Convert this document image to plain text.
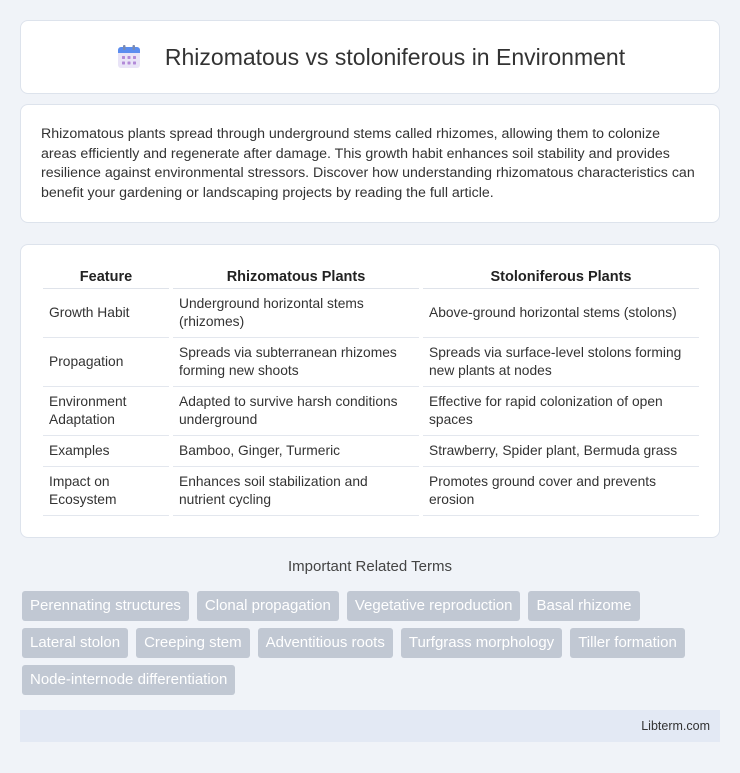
Rhizomatous vs stoloniferous in Environment

Rhizomatous plants spread through underground stems called rhizomes, allowing them to colonize areas efficiently and regenerate after damage. This growth habit enhances soil stability and provides resilience against environmental stressors. Discover how understanding rhizomatous characteristics can benefit your gardening or landscaping projects by reading the full article.

Feature	Rhizomatous Plants	Stoloniferous Plants
Growth Habit	Underground horizontal stems (rhizomes)	Above-ground horizontal stems (stolons)
Propagation	Spreads via subterranean rhizomes forming new shoots	Spreads via surface-level stolons forming new plants at nodes
Environment Adaptation	Adapted to survive harsh conditions underground	Effective for rapid colonization of open spaces
Examples	Bamboo, Ginger, Turmeric	Strawberry, Spider plant, Bermuda grass
Impact on Ecosystem	Enhances soil stabilization and nutrient cycling	Promotes ground cover and prevents erosion
Important Related Terms
Perennating structures	Clonal propagation	Vegetative reproduction	Basal rhizome
Lateral stolon	Creeping stem	Adventitious roots	Turfgrass morphology	Tiller formation
Node-internode differentiation
Libterm.com
